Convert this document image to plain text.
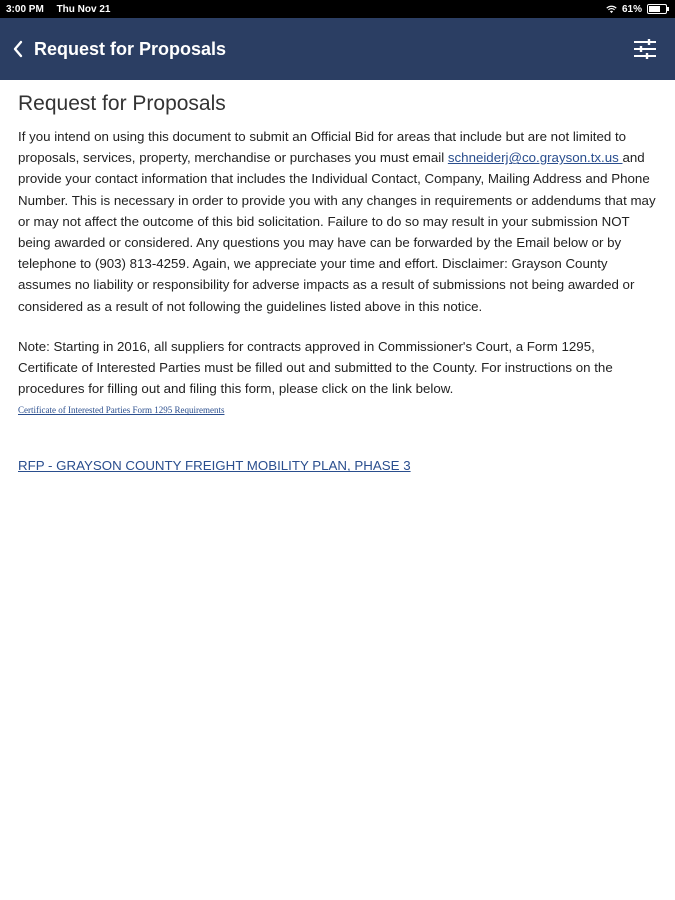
3:00 PM Thu Nov 21	61%
Request for Proposals
Request for Proposals

If you intend on using this document to submit an Official Bid for areas that include but are not limited to proposals, services, property, merchandise or purchases you must email schneiderj@co.grayson.tx.us and provide your contact information that includes the Individual Contact, Company, Mailing Address and Phone Number. This is necessary in order to provide you with any changes in requirements or addendums that may or may not affect the outcome of this bid solicitation. Failure to do so may result in your submission NOT being awarded or considered. Any questions you may have can be forwarded by the Email below or by telephone to (903) 813-4259. Again, we appreciate your time and effort. Disclaimer: Grayson County assumes no liability or responsibility for adverse impacts as a result of submissions not being awarded or considered as a result of not following the guidelines listed above in this notice.

Note: Starting in 2016, all suppliers for contracts approved in Commissioner's Court, a Form 1295, Certificate of Interested Parties must be filled out and submitted to the County. For instructions on the procedures for filling out and filing this form, please click on the link below.

Certificate of Interested Parties Form 1295 Requirements
RFP - GRAYSON COUNTY FREIGHT MOBILITY PLAN, PHASE 3
